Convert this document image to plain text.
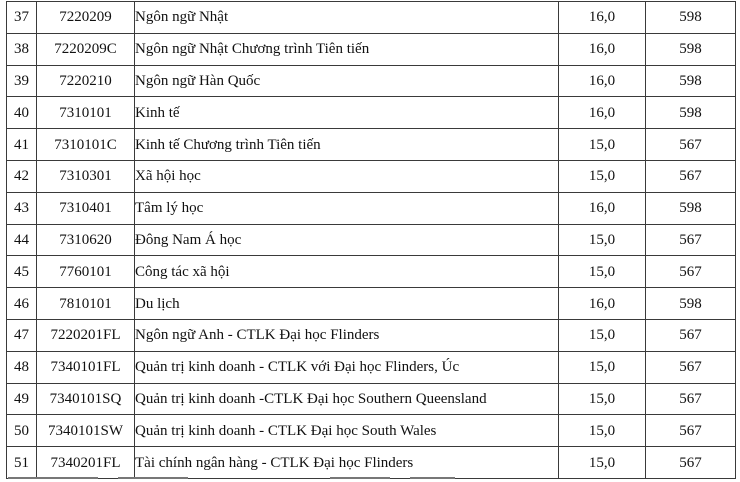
37	7220209	Ngôn ngữ Nhật	16,0	598
38	7220209C	Ngôn ngữ Nhật Chương trình Tiên tiến	16,0	598
39	7220210	Ngôn ngữ Hàn Quốc	16,0	598
40	7310101	Kinh tế	16,0	598
41	7310101C	Kinh tế Chương trình Tiên tiến	15,0	567
42	7310301	Xã hội học	15,0	567
43	7310401	Tâm lý học	16,0	598
44	7310620	Đông Nam Á học	15,0	567
45	7760101	Công tác xã hội	15,0	567
46	7810101	Du lịch	16,0	598
47	7220201FL	Ngôn ngữ Anh - CTLK Đại học Flinders	15,0	567
48	7340101FL	Quản trị kinh doanh - CTLK với Đại học Flinders, Úc	15,0	567
49	7340101SQ	Quản trị kinh doanh -CTLK Đại học Southern Queensland	15,0	567
50	7340101SW	Quản trị kinh doanh - CTLK Đại học South Wales	15,0	567
51	7340201FL	Tài chính ngân hàng - CTLK Đại học Flinders	15,0	567
